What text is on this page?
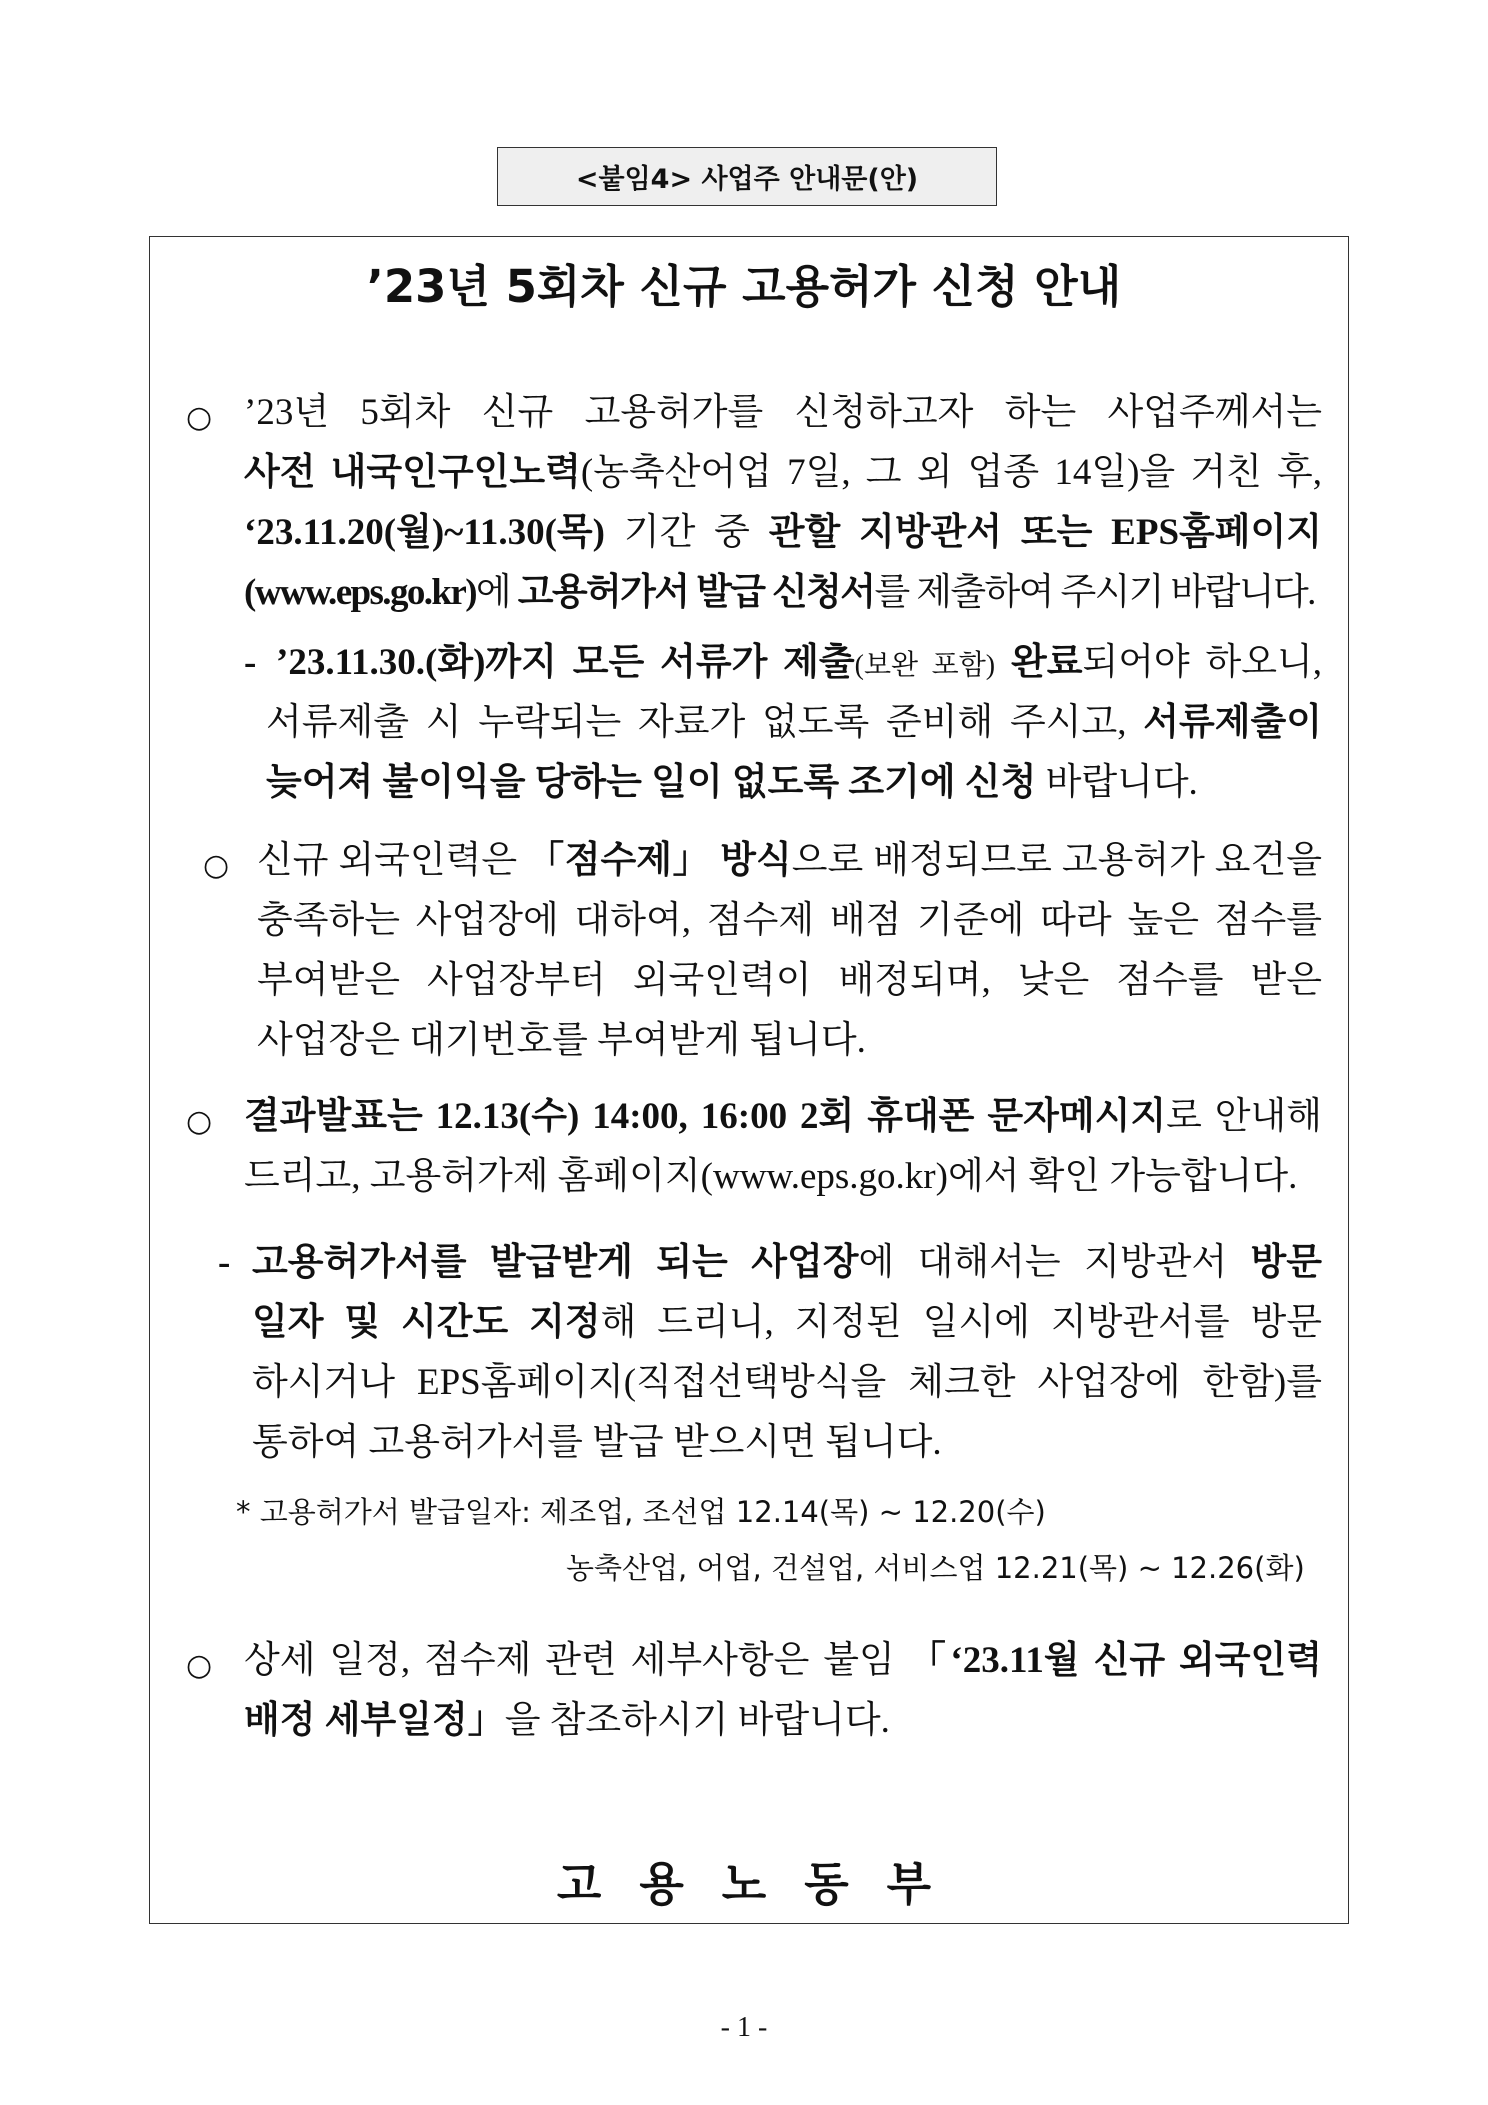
<붙임4> 사업주 안내문(안)
’23년 5회차 신규 고용허가 신청 안내
○ ’23년 5회차 신규 고용허가를 신청하고자 하는 사업주께서는
사전 내국인구인노력(농축산어업 7일, 그 외 업종 14일)을 거친 후,
‘23.11.20(월)~11.30(목) 기간 중 관할 지방관서 또는 EPS홈페이지
(www.eps.go.kr)에 고용허가서 발급 신청서를 제출하여 주시기 바랍니다.
- ’23.11.30.(화)까지 모든 서류가 제출(보완 포함) 완료되어야 하오니,
서류제출 시 누락되는 자료가 없도록 준비해 주시고, 서류제출이
늦어져 불이익을 당하는 일이 없도록 조기에 신청 바랍니다.
○ 신규 외국인력은 「점수제」 방식으로 배정되므로 고용허가 요건을
충족하는 사업장에 대하여, 점수제 배점 기준에 따라 높은 점수를
부여받은 사업장부터 외국인력이 배정되며, 낮은 점수를 받은
사업장은 대기번호를 부여받게 됩니다.
○ 결과발표는 12.13(수) 14:00, 16:00 2회 휴대폰 문자메시지로 안내해
드리고, 고용허가제 홈페이지(www.eps.go.kr)에서 확인 가능합니다.
- 고용허가서를 발급받게 되는 사업장에 대해서는 지방관서 방문
일자 및 시간도 지정해 드리니, 지정된 일시에 지방관서를 방문
하시거나 EPS홈페이지(직접선택방식을 체크한 사업장에 한함)를
통하여 고용허가서를 발급 받으시면 됩니다.
* 고용허가서 발급일자: 제조업, 조선업 12.14(목) ~ 12.20(수)
농축산업, 어업, 건설업, 서비스업 12.21(목) ~ 12.26(화)
○ 상세 일정, 점수제 관련 세부사항은 붙임 「‘23.11월 신규 외국인력
배정 세부일정」을 참조하시기 바랍니다.
고용노동부
- 1 -
